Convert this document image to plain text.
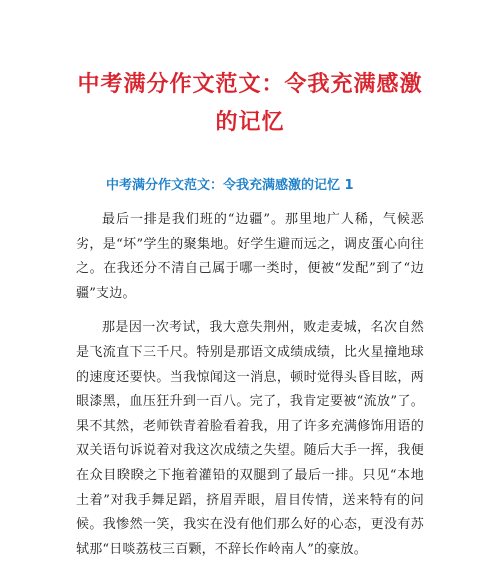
中考满分作文范文：令我充满感激的记忆
中考满分作文范文：令我充满感激的记忆 1

最后一排是我们班的“边疆”。那里地广人稀，气候恶劣，是“坏”学生的聚集地。好学生避而远之，调皮蛋心向往之。在我还分不清自己属于哪一类时，便被“发配”到了“边疆”支边。

那是因一次考试，我大意失荆州，败走麦城，名次自然是飞流直下三千尺。特别是那语文成绩成绩，比火星撞地球的速度还要快。当我惊闻这一消息，顿时觉得头昏目眩，两眼漆黑，血压狂升到一百八。完了，我肯定要被“流放”了。果不其然，老师铁青着脸看着我，用了许多充满修饰用语的双关语句诉说着对我这次成绩之失望。随后大手一挥，我便在众目睽睽之下拖着灌铅的双腿到了最后一排。只见“本地土着”对我手舞足蹈，挤眉弄眼，眉目传情，送来特有的问候。我惨然一笑，我实在没有他们那么好的心态，更没有苏轼那“日啖荔枝三百颗，不辞长作岭南人”的豪放。
